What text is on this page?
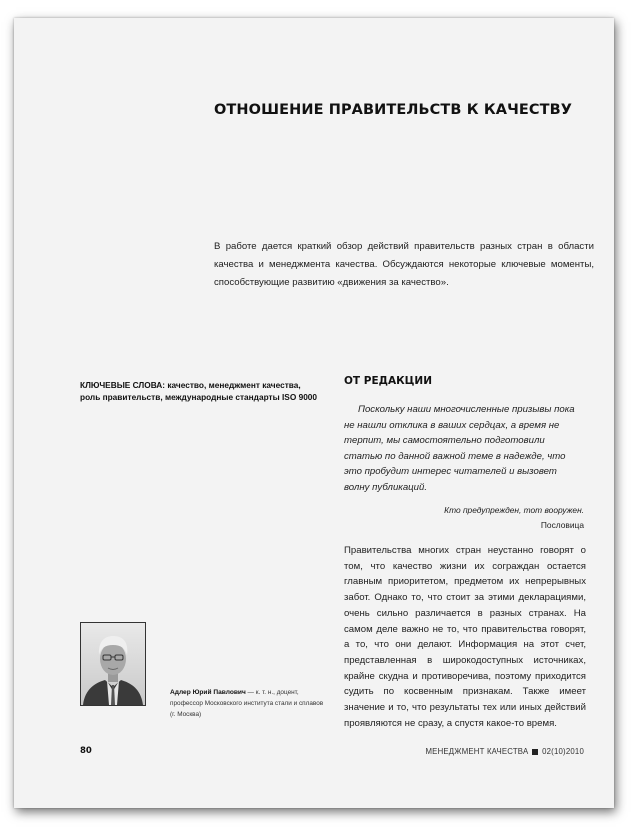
ОТНОШЕНИЕ ПРАВИТЕЛЬСТВ К КАЧЕСТВУ
В работе дается краткий обзор действий правительств разных стран в области качества и менеджмента качества. Обсуждаются некоторые ключевые моменты, способствующие развитию «движения за качество».
КЛЮЧЕВЫЕ СЛОВА: качество, менеджмент качества, роль правительств, международные стандарты ISO 9000
ОТ РЕДАКЦИИ

Поскольку наши многочисленные призывы пока не нашли отклика в ваших сердцах, а время не терпит, мы самостоятельно подготовили статью по данной важной теме в надежде, что это пробудит интерес читателей и вызовет волну публикаций.

Кто предупрежден, тот вооружен.
Пословица
Правительства многих стран неустанно говорят о том, что качество жизни их сограждан остается главным приоритетом, предметом их непрерывных забот. Однако то, что стоит за этими декларациями, очень сильно различается в разных странах. На самом деле важно не то, что правительства говорят, а то, что они делают. Информация на этот счет, представленная в широкодоступных источниках, крайне скудна и противоречива, поэтому приходится судить по косвенным признакам. Также имеет значение и то, что результаты тех или иных действий проявляются не сразу, а спустя какое-то время.
Адлер Юрий Павлович — к. т. н., доцент, профессор Московского института стали и сплавов (г. Москва)
80	МЕНЕДЖМЕНТ КАЧЕСТВА 02(10)2010
